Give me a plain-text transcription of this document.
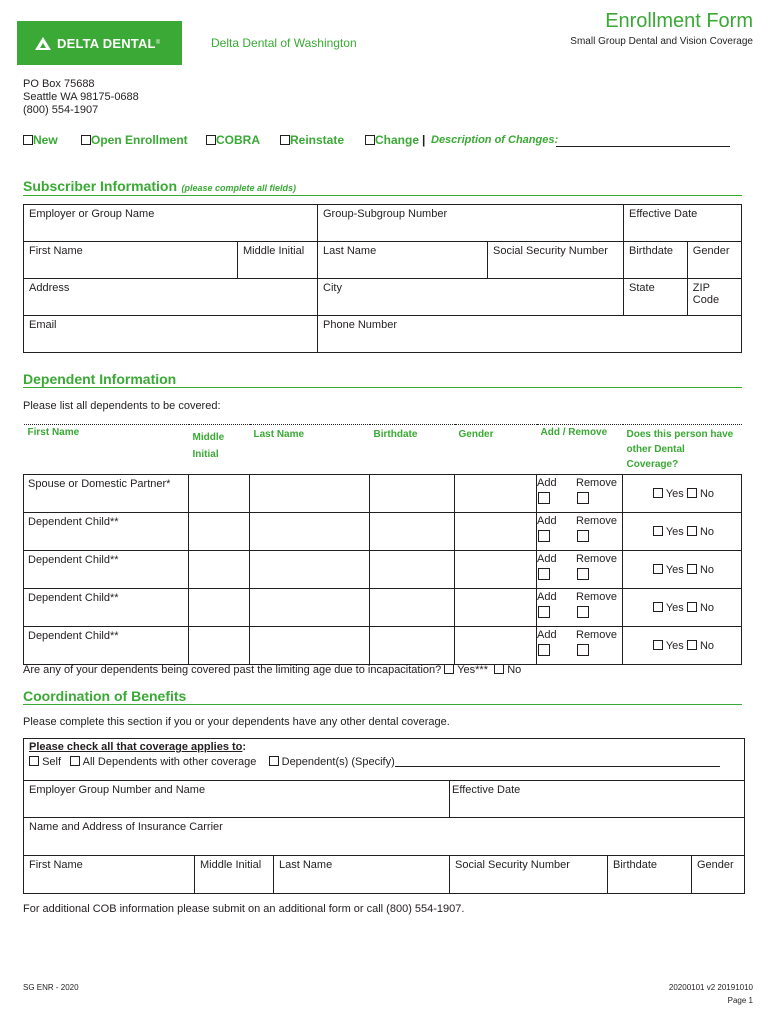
DELTA DENTAL ®	Delta Dental of Washington
Enrollment Form
Small Group Dental and Vision Coverage
PO Box 75688
Seattle WA 98175-0688
(800) 554-1907
New	Open Enrollment	COBRA	Reinstate	Change | Description of Changes:
Subscriber Information (please complete all fields)
Employer or Group Name		Group-Subgroup Number		Effective Date	
First Name	Middle Initial	Last Name	Social Security Number	Birthdate	Gender
Address		City		State	ZIP Code
Email		Phone Number			
Dependent Information
Please list all dependents to be covered:
First Name	Middle Initial	Last Name	Birthdate	Gender	Add / Remove	Does this person have other Dental Coverage?
Spouse or Domestic Partner*					Add Remove	Yes No
Dependent Child**					Add Remove	Yes No
Dependent Child**					Add Remove	Yes No
Dependent Child**					Add Remove	Yes No
Dependent Child**					Add Remove	Yes No
Are any of your dependents being covered past the limiting age due to incapacitation? Yes*** No
Coordination of Benefits
Please complete this section if you or your dependents have any other dental coverage.
Please check all that coverage applies to:
Self All Dependents with other coverage Dependent(s) (Specify)					

Employer Group Number and Name			Effective Date		
Name and Address of Insurance Carrier					
First Name	Middle Initial	Last Name	Social Security Number	Birthdate	Gender
For additional COB information please submit on an additional form or call (800) 554-1907.
SG ENR - 2020	20200101 v2 20191010
Page 1
